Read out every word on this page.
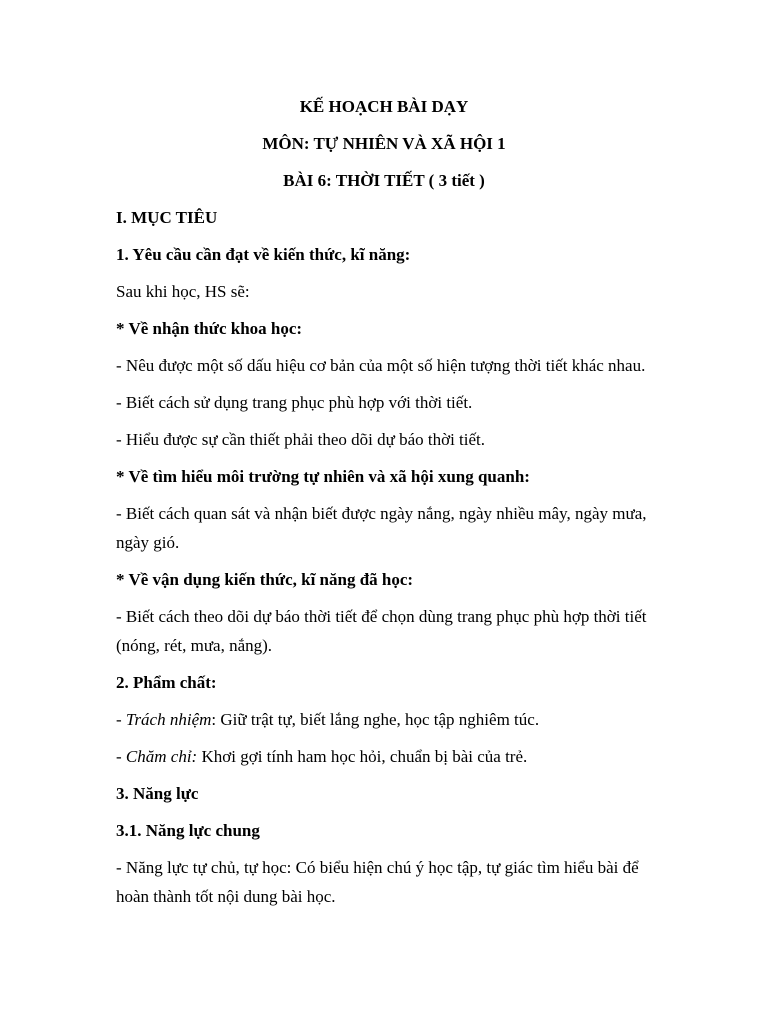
KẾ HOẠCH BÀI DẠY

MÔN: TỰ NHIÊN VÀ XÃ HỘI 1

BÀI 6: THỜI TIẾT ( 3 tiết )

I. MỤC TIÊU

1. Yêu cầu cần đạt về kiến thức, kĩ năng:

Sau khi học, HS sẽ:

* Về nhận thức khoa học:

- Nêu được một số dấu hiệu cơ bản của một số hiện tượng thời tiết khác nhau.

- Biết cách sử dụng trang phục phù hợp với thời tiết.

- Hiểu được sự cần thiết phải theo dõi dự báo thời tiết.

* Về tìm hiểu môi trường tự nhiên và xã hội xung quanh:

- Biết cách quan sát và nhận biết được ngày nắng, ngày nhiều mây, ngày mưa, ngày gió.

* Về vận dụng kiến thức, kĩ năng đã học:

- Biết cách theo dõi dự báo thời tiết để chọn dùng trang phục phù hợp thời tiết (nóng, rét, mưa, nắng).

2. Phẩm chất:

- Trách nhiệm: Giữ trật tự, biết lắng nghe, học tập nghiêm túc.

- Chăm chỉ: Khơi gợi tính ham học hỏi, chuẩn bị bài của trẻ.

3. Năng lực

3.1. Năng lực chung

- Năng lực tự chủ, tự học: Có biểu hiện chú ý học tập, tự giác tìm hiểu bài để hoàn thành tốt nội dung bài học.
